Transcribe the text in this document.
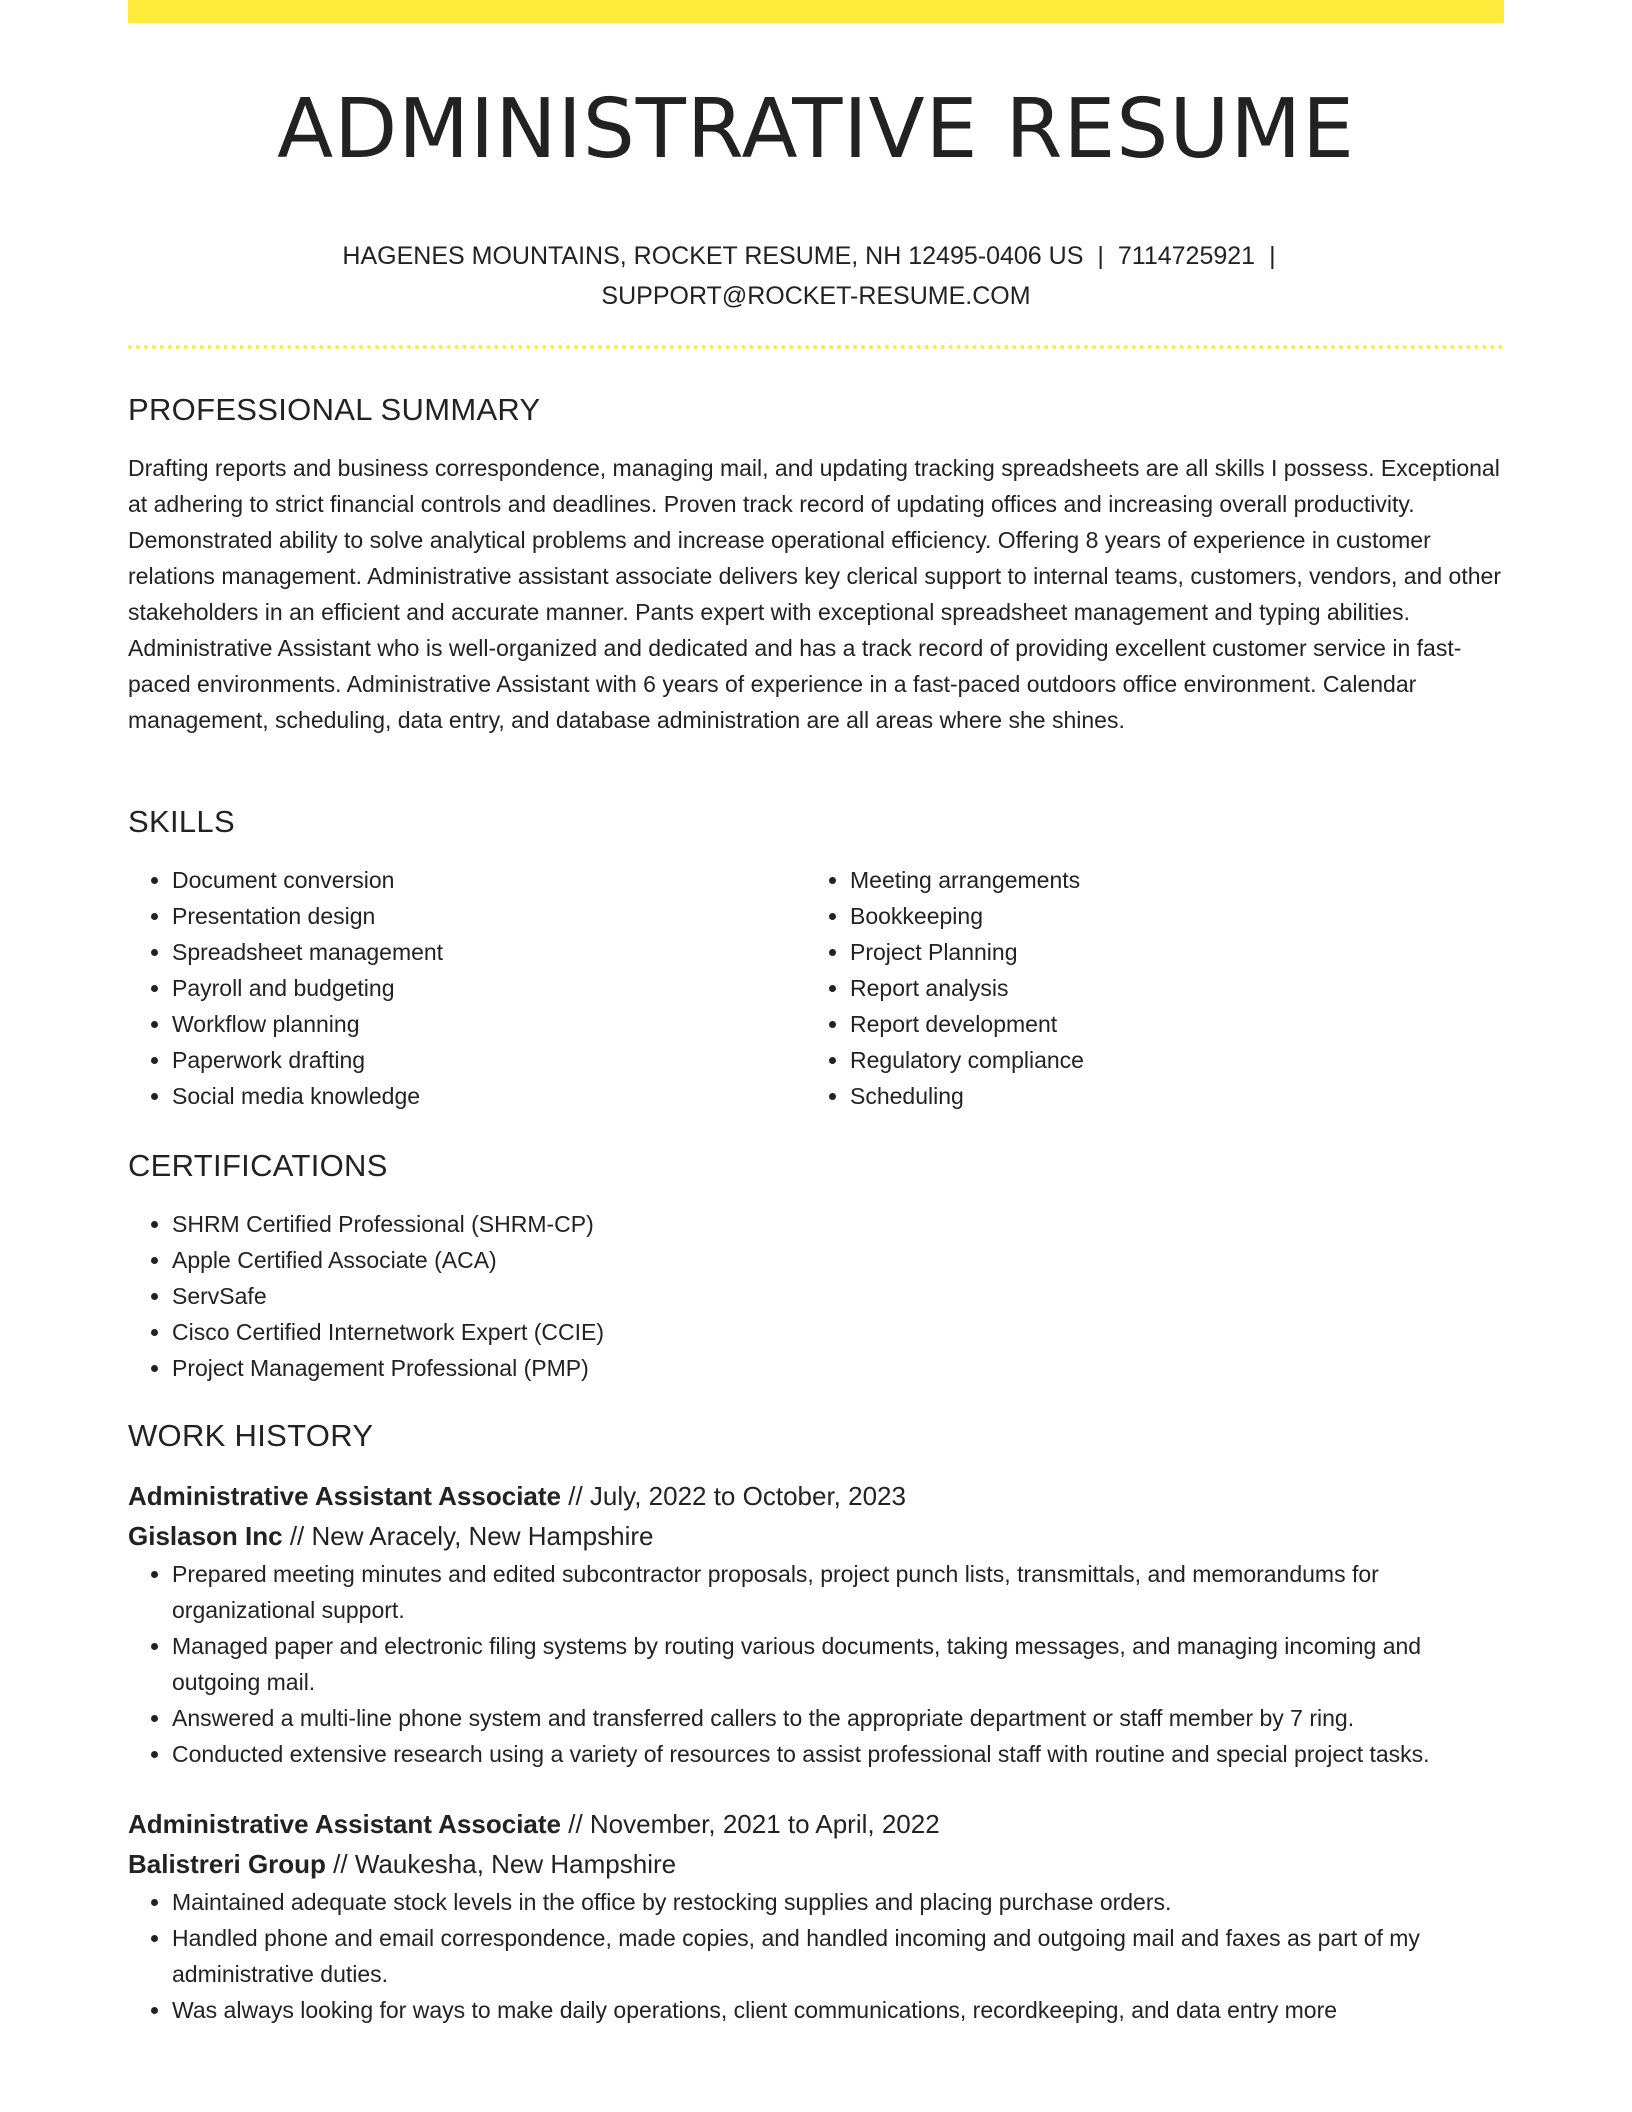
ADMINISTRATIVE RESUME
HAGENES MOUNTAINS, ROCKET RESUME, NH 12495-0406 US | 7114725921 |
SUPPORT@ROCKET-RESUME.COM
PROFESSIONAL SUMMARY

Drafting reports and business correspondence, managing mail, and updating tracking spreadsheets are all skills I possess. Exceptional at adhering to strict financial controls and deadlines. Proven track record of updating offices and increasing overall productivity. Demonstrated ability to solve analytical problems and increase operational efficiency. Offering 8 years of experience in customer relations management. Administrative assistant associate delivers key clerical support to internal teams, customers, vendors, and other stakeholders in an efficient and accurate manner. Pants expert with exceptional spreadsheet management and typing abilities. Administrative Assistant who is well-organized and dedicated and has a track record of providing excellent customer service in fast-paced environments. Administrative Assistant with 6 years of experience in a fast-paced outdoors office environment. Calendar management, scheduling, data entry, and database administration are all areas where she shines.

SKILLS
• Document conversion
• Presentation design
• Spreadsheet management
• Payroll and budgeting
• Workflow planning
• Paperwork drafting
• Social media knowledge
• Meeting arrangements
• Bookkeeping
• Project Planning
• Report analysis
• Report development
• Regulatory compliance
• Scheduling
CERTIFICATIONS
• SHRM Certified Professional (SHRM-CP)
• Apple Certified Associate (ACA)
• ServSafe
• Cisco Certified Internetwork Expert (CCIE)
• Project Management Professional (PMP)
WORK HISTORY
Administrative Assistant Associate // July, 2022 to October, 2023
Gislason Inc // New Aracely, New Hampshire
• Prepared meeting minutes and edited subcontractor proposals, project punch lists, transmittals, and memorandums for organizational support.
• Managed paper and electronic filing systems by routing various documents, taking messages, and managing incoming and outgoing mail.
• Answered a multi-line phone system and transferred callers to the appropriate department or staff member by 7 ring.
• Conducted extensive research using a variety of resources to assist professional staff with routine and special project tasks.
Administrative Assistant Associate // November, 2021 to April, 2022
Balistreri Group // Waukesha, New Hampshire
• Maintained adequate stock levels in the office by restocking supplies and placing purchase orders.
• Handled phone and email correspondence, made copies, and handled incoming and outgoing mail and faxes as part of my administrative duties.
• Was always looking for ways to make daily operations, client communications, recordkeeping, and data entry more
